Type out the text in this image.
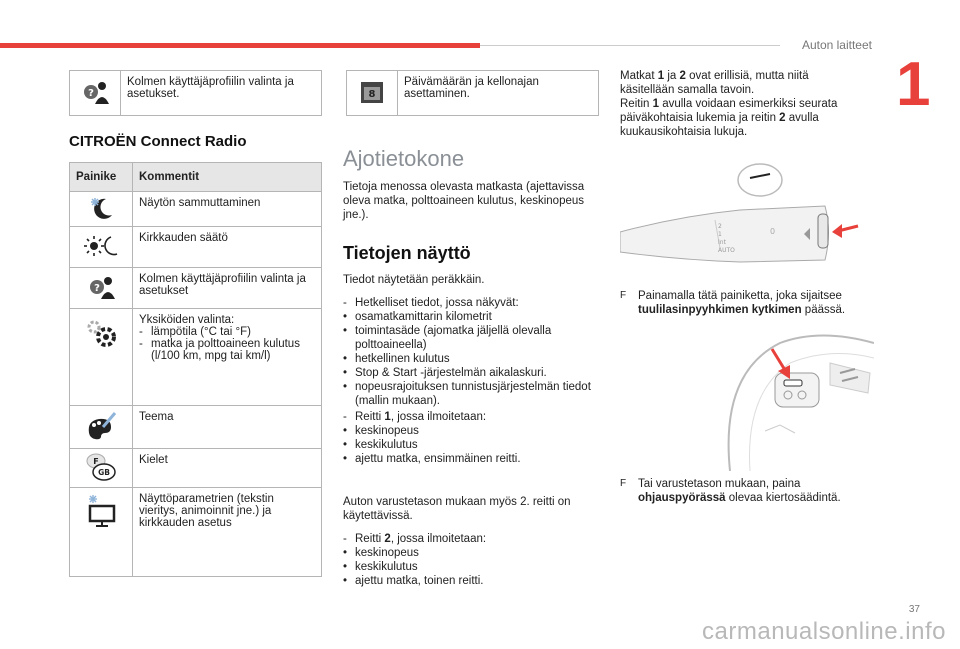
Auton laitteet
1
?
	Kolmen käyttäjäprofiilin valinta ja asetukset.
CITROËN Connect Radio
Painike	Kommentit
	Näytön sammuttaminen
	Kirkkauden säätö

?	Kolmen käyttäjäprofiilin valinta ja asetukset

Yksiköiden valinta:
- lämpötila (°C tai °F)
- matka ja polttoaineen kulutus (l/100 km, mpg tai km/l)

	Teema

F
GB	Kielet
	Näyttöparametrien (tekstin vieritys, animoinnit jne.) ja kirkkauden asetus
8
	Päivämäärän ja kellonajan asettaminen.
Ajotietokone

Tietoja menossa olevasta matkasta (ajettavissa oleva matka, polttoaineen kulutus, keskinopeus jne.).

Tietojen näyttö

Tiedot näytetään peräkkäin.

- Hetkelliset tiedot, jossa näkyvät:
• osamatkamittarin kilometrit
• toimintasäde (ajomatka jäljellä olevalla polttoaineella)
• hetkellinen kulutus
• Stop & Start -järjestelmän aikalaskuri.
• nopeusrajoituksen tunnistusjärjestelmän tiedot (mallin mukaan).
- Reitti 1, jossa ilmoitetaan:
• keskinopeus
• keskikulutus
• ajettu matka, ensimmäinen reitti.

Auton varustetason mukaan myös 2. reitti on käytettävissä.

- Reitti 2, jossa ilmoitetaan:
• keskinopeus
• keskikulutus
• ajettu matka, toinen reitti.

Matkat 1 ja 2 ovat erillisiä, mutta niitä käsitellään samalla tavoin.
Reitin 1 avulla voidaan esimerkiksi seurata päiväkohtaisia lukemia ja reitin 2 avulla kuukausikohtaisia lukuja.

2
1
Int
AUTO
0
F Painamalla tätä painiketta, joka sijaitsee tuulilasinpyyhkimen kytkimen päässä.
F Tai varustetason mukaan, paina ohjauspyörässä olevaa kiertosäädintä.
37
carmanualsonline.info
